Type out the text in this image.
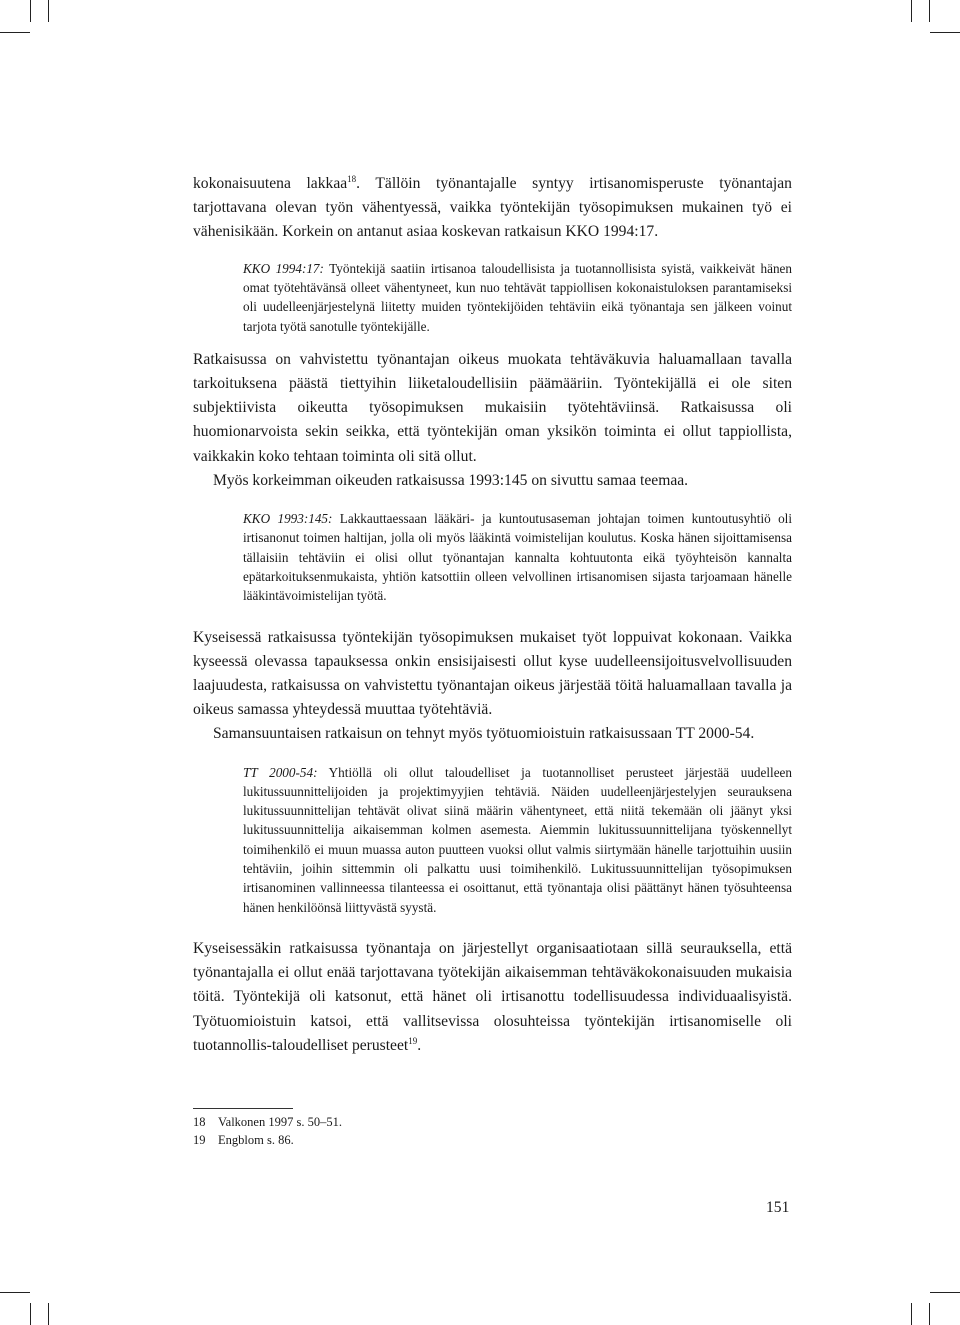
kokonaisuutena lakkaa$^{18}$. Tällöin työnantajalle syntyy irtisanomisperuste työnantajan tarjottavana olevan työn vähentyessä, vaikka työntekijän työsopimuksen mukainen työ ei vähenisikään. Korkein on antanut asiaa koskevan ratkaisun KKO 1994:17.

KKO 1994:17: Työntekijä saatiin irtisanoa taloudellisista ja tuotannollisista syistä, vaikkeivät hänen omat työtehtävänsä olleet vähentyneet, kun nuo tehtävät tappiollisen kokonaistuloksen parantamiseksi oli uudelleenjärjestelynä liitetty muiden työntekijöiden tehtäviin eikä työnantaja sen jälkeen voinut tarjota työtä sanotulle työntekijälle.

Ratkaisussa on vahvistettu työnantajan oikeus muokata tehtäväkuvia haluamallaan tavalla tarkoituksena päästä tiettyihin liiketaloudellisiin päämääriin. Työntekijällä ei ole siten subjektiivista oikeutta työsopimuksen mukaisiin työtehtäviinsä. Ratkaisussa oli huomionarvoista sekin seikka, että työntekijän oman yksikön toiminta ei ollut tappiollista, vaikkakin koko tehtaan toiminta oli sitä ollut.

Myös korkeimman oikeuden ratkaisussa 1993:145 on sivuttu samaa teemaa.

KKO 1993:145: Lakkauttaessaan lääkäri- ja kuntoutusaseman johtajan toimen kuntoutusyhtiö oli irtisanonut toimen haltijan, jolla oli myös lääkintä voimistelijan koulutus. Koska hänen sijoittamisensa tällaisiin tehtäviin ei olisi ollut työnantajan kannalta kohtuutonta eikä työyhteisön kannalta epätarkoituksenmukaista, yhtiön katsottiin olleen velvollinen irtisanomisen sijasta tarjoamaan hänelle lääkintävoimistelijan työtä.

Kyseisessä ratkaisussa työntekijän työsopimuksen mukaiset työt loppuivat kokonaan. Vaikka kyseessä olevassa tapauksessa onkin ensisijaisesti ollut kyse uudelleensijoitusvelvollisuuden laajuudesta, ratkaisussa on vahvistettu työnantajan oikeus järjestää töitä haluamallaan tavalla ja oikeus samassa yhteydessä muuttaa työtehtäviä.

Samansuuntaisen ratkaisun on tehnyt myös työtuomioistuin ratkaisussaan TT 2000-54.

TT 2000-54: Yhtiöllä oli ollut taloudelliset ja tuotannolliset perusteet järjestää uudelleen lukitussuunnittelijoiden ja projektimyyjien tehtäviä. Näiden uudelleenjärjestelyjen seurauksena lukitussuunnittelijan tehtävät olivat siinä määrin vähentyneet, että niitä tekemään oli jäänyt yksi lukitussuunnittelija aikaisemman kolmen asemesta. Aiemmin lukitussuunnittelijana työskennellyt toimihenkilö ei muun muassa auton puutteen vuoksi ollut valmis siirtymään hänelle tarjottuihin uusiin tehtäviin, joihin sittemmin oli palkattu uusi toimihenkilö. Lukitussuunnittelijan työsopimuksen irtisanominen vallinneessa tilanteessa ei osoittanut, että työnantaja olisi päättänyt hänen työsuhteensa hänen henkilöönsä liittyvästä syystä.

Kyseisessäkin ratkaisussa työnantaja on järjestellyt organisaatiotaan sillä seurauksella, että työnantajalla ei ollut enää tarjottavana työtekijän aikaisemman tehtäväkokonaisuuden mukaisia töitä. Työntekijä oli katsonut, että hänet oli irtisanottu todellisuudessa individuaalisyistä. Työtuomioistuin katsoi, että vallitsevissa olosuhteissa työntekijän irtisanomiselle oli tuotannollis-taloudelliset perusteet$^{19}$.

18 Valkonen 1997 s. 50–51.
19 Engblom s. 86.
151
